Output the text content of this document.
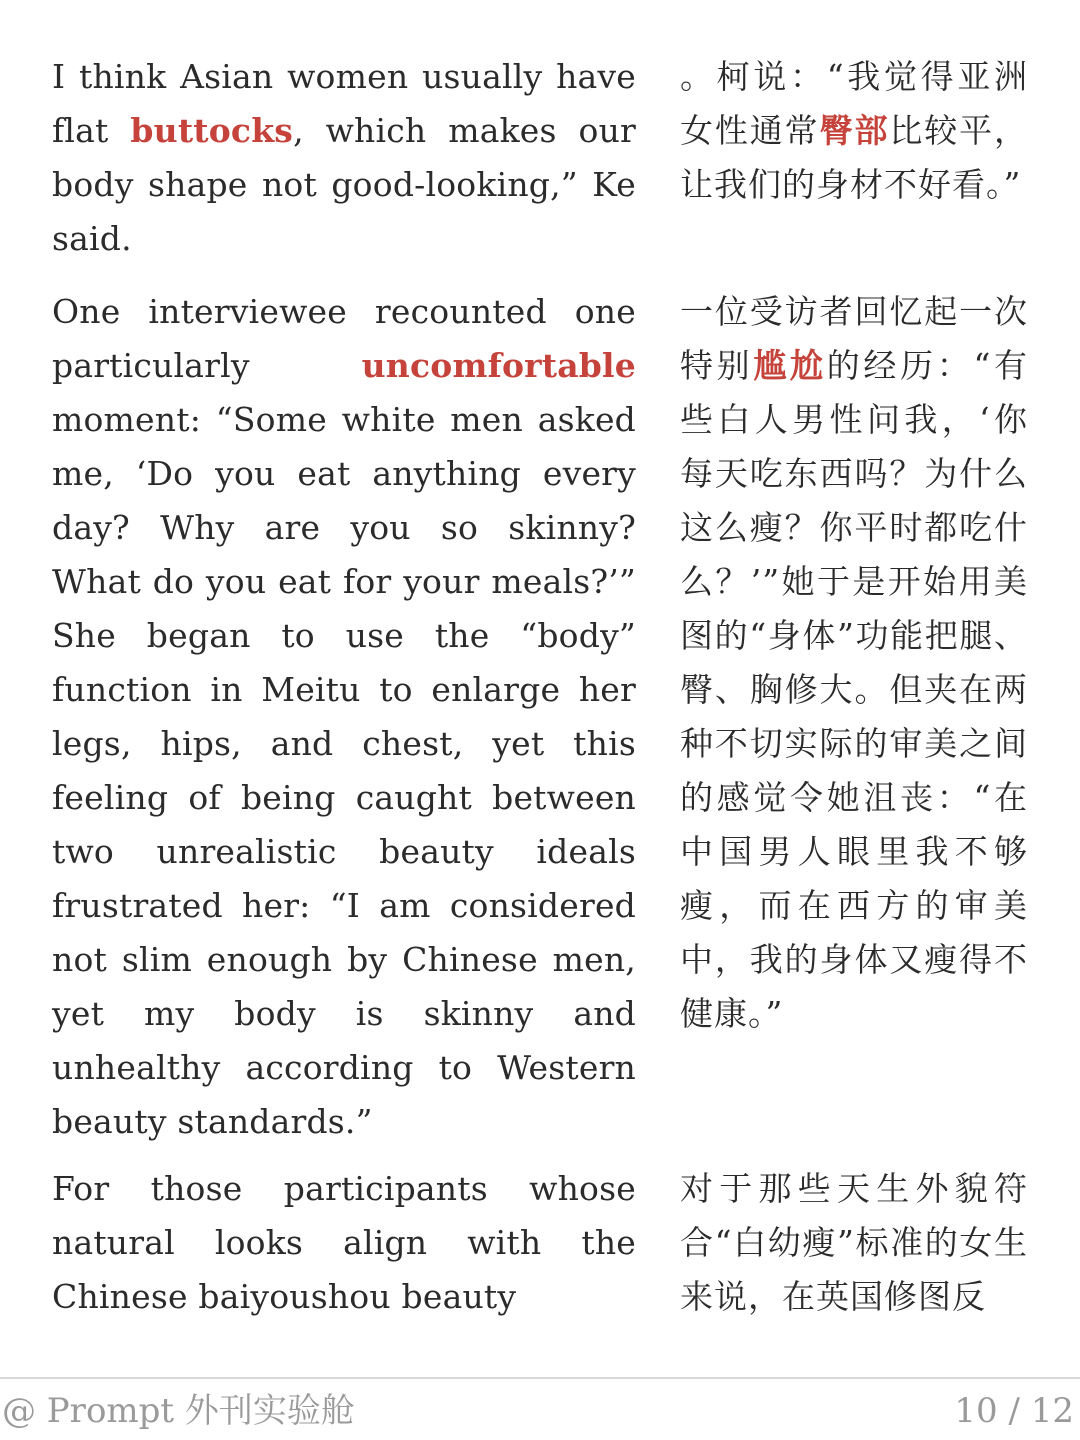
I think Asian women usually have flat buttocks, which makes our body shape not good-looking,” Ke said.
。柯说：“我觉得亚洲女性通常臀部比较平，让我们的身材不好看。”
One interviewee recounted one particularly uncomfortable moment: “Some white men asked me, ‘Do you eat anything every day? Why are you so skinny? What do you eat for your meals?’” She began to use the “body” function in Meitu to enlarge her legs, hips, and chest, yet this feeling of being caught between two unrealistic beauty ideals frustrated her: “I am considered not slim enough by Chinese men, yet my body is skinny and unhealthy according to Western beauty standards.”
一位受访者回忆起一次特别尴尬的经历：“有些白人男性问我，‘你每天吃东西吗？为什么这么瘦？你平时都吃什么？’”她于是开始用美图的“身体”功能把腿、臀、胸修大。但夹在两种不切实际的审美之间的感觉令她沮丧：“在中国男人眼里我不够瘦，而在西方的审美中，我的身体又瘦得不健康。”
For those participants whose natural looks align with the Chinese baiyoushou beauty
对于那些天生外貌符合“白幼瘦”标准的女生来说，在英国修图反
@ Prompt 外刊实验舱	10 / 12
